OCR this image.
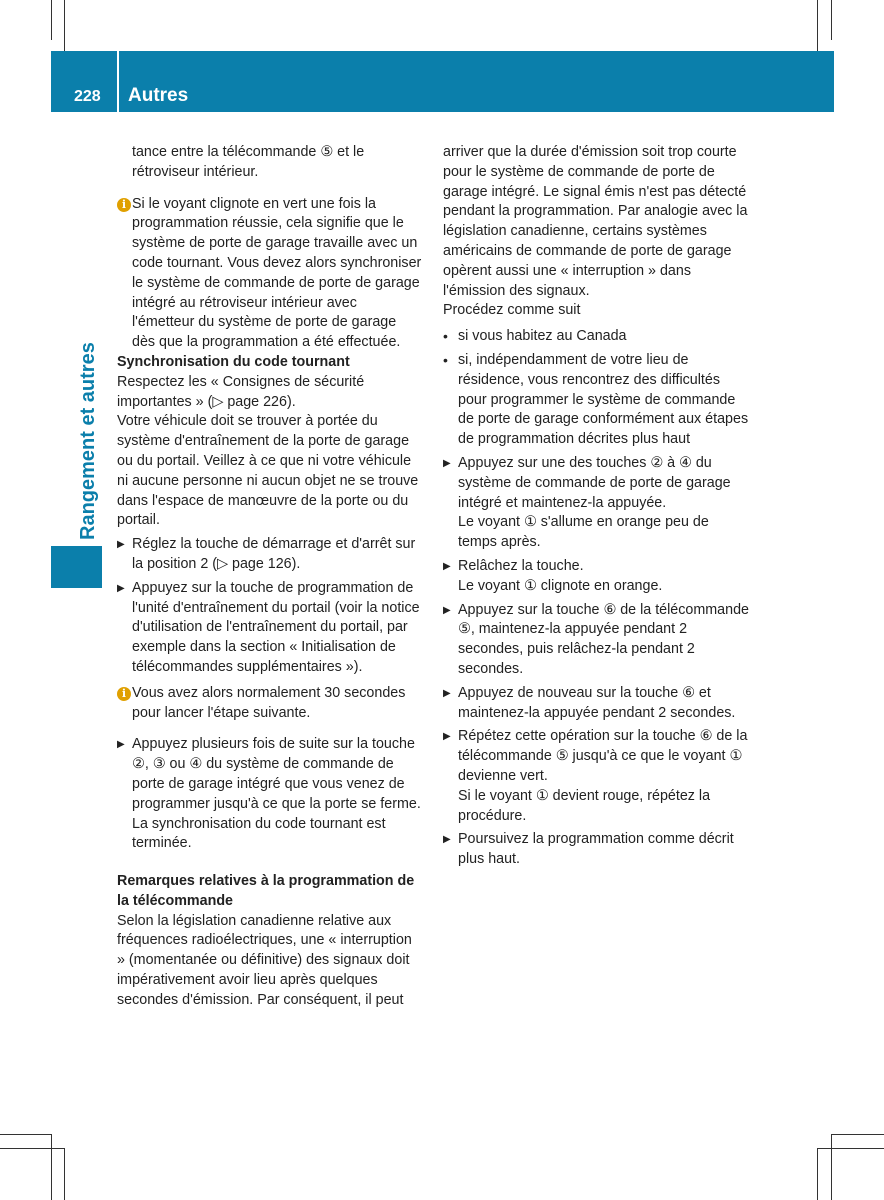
228 Autres
Rangement et autres

tance entre la télécommande ⑤ et le rétroviseur intérieur.

i Si le voyant clignote en vert une fois la programmation réussie, cela signifie que le système de porte de garage travaille avec un code tournant. Vous devez alors synchroniser le système de commande de porte de garage intégré au rétroviseur intérieur avec l'émetteur du système de porte de garage dès que la programmation a été effectuée.

Synchronisation du code tournant

Respectez les « Consignes de sécurité importantes » (▷ page 226).

Votre véhicule doit se trouver à portée du système d'entraînement de la porte de garage ou du portail. Veillez à ce que ni votre véhicule ni aucune personne ni aucun objet ne se trouve dans l'espace de manœuvre de la porte ou du portail.

▶ Réglez la touche de démarrage et d'arrêt sur la position 2 (▷ page 126).

▶ Appuyez sur la touche de programmation de l'unité d'entraînement du portail (voir la notice d'utilisation de l'entraînement du portail, par exemple dans la section « Initialisation de télécommandes supplémentaires »).

i Vous avez alors normalement 30 secondes pour lancer l'étape suivante.

▶ Appuyez plusieurs fois de suite sur la touche ②, ③ ou ④ du système de commande de porte de garage intégré que vous venez de programmer jusqu'à ce que la porte se ferme.

La synchronisation du code tournant est terminée.

Remarques relatives à la programmation de la télécommande

Selon la législation canadienne relative aux fréquences radioélectriques, une « interruption » (momentanée ou définitive) des signaux doit impérativement avoir lieu après quelques secondes d'émission. Par conséquent, il peut

arriver que la durée d'émission soit trop courte pour le système de commande de porte de garage intégré. Le signal émis n'est pas détecté pendant la programmation. Par analogie avec la législation canadienne, certains systèmes américains de commande de porte de garage opèrent aussi une « interruption » dans l'émission des signaux.

Procédez comme suit

• si vous habitez au Canada

• si, indépendamment de votre lieu de résidence, vous rencontrez des difficultés pour programmer le système de commande de porte de garage conformément aux étapes de programmation décrites plus haut

▶ Appuyez sur une des touches ② à ④ du système de commande de porte de garage intégré et maintenez-la appuyée.

Le voyant ① s'allume en orange peu de temps après.

▶ Relâchez la touche.

Le voyant ① clignote en orange.

▶ Appuyez sur la touche ⑥ de la télécommande ⑤, maintenez-la appuyée pendant 2 secondes, puis relâchez-la pendant 2 secondes.

▶ Appuyez de nouveau sur la touche ⑥ et maintenez-la appuyée pendant 2 secondes.

▶ Répétez cette opération sur la touche ⑥ de la télécommande ⑤ jusqu'à ce que le voyant ① devienne vert.

Si le voyant ① devient rouge, répétez la procédure.

▶ Poursuivez la programmation comme décrit plus haut.
